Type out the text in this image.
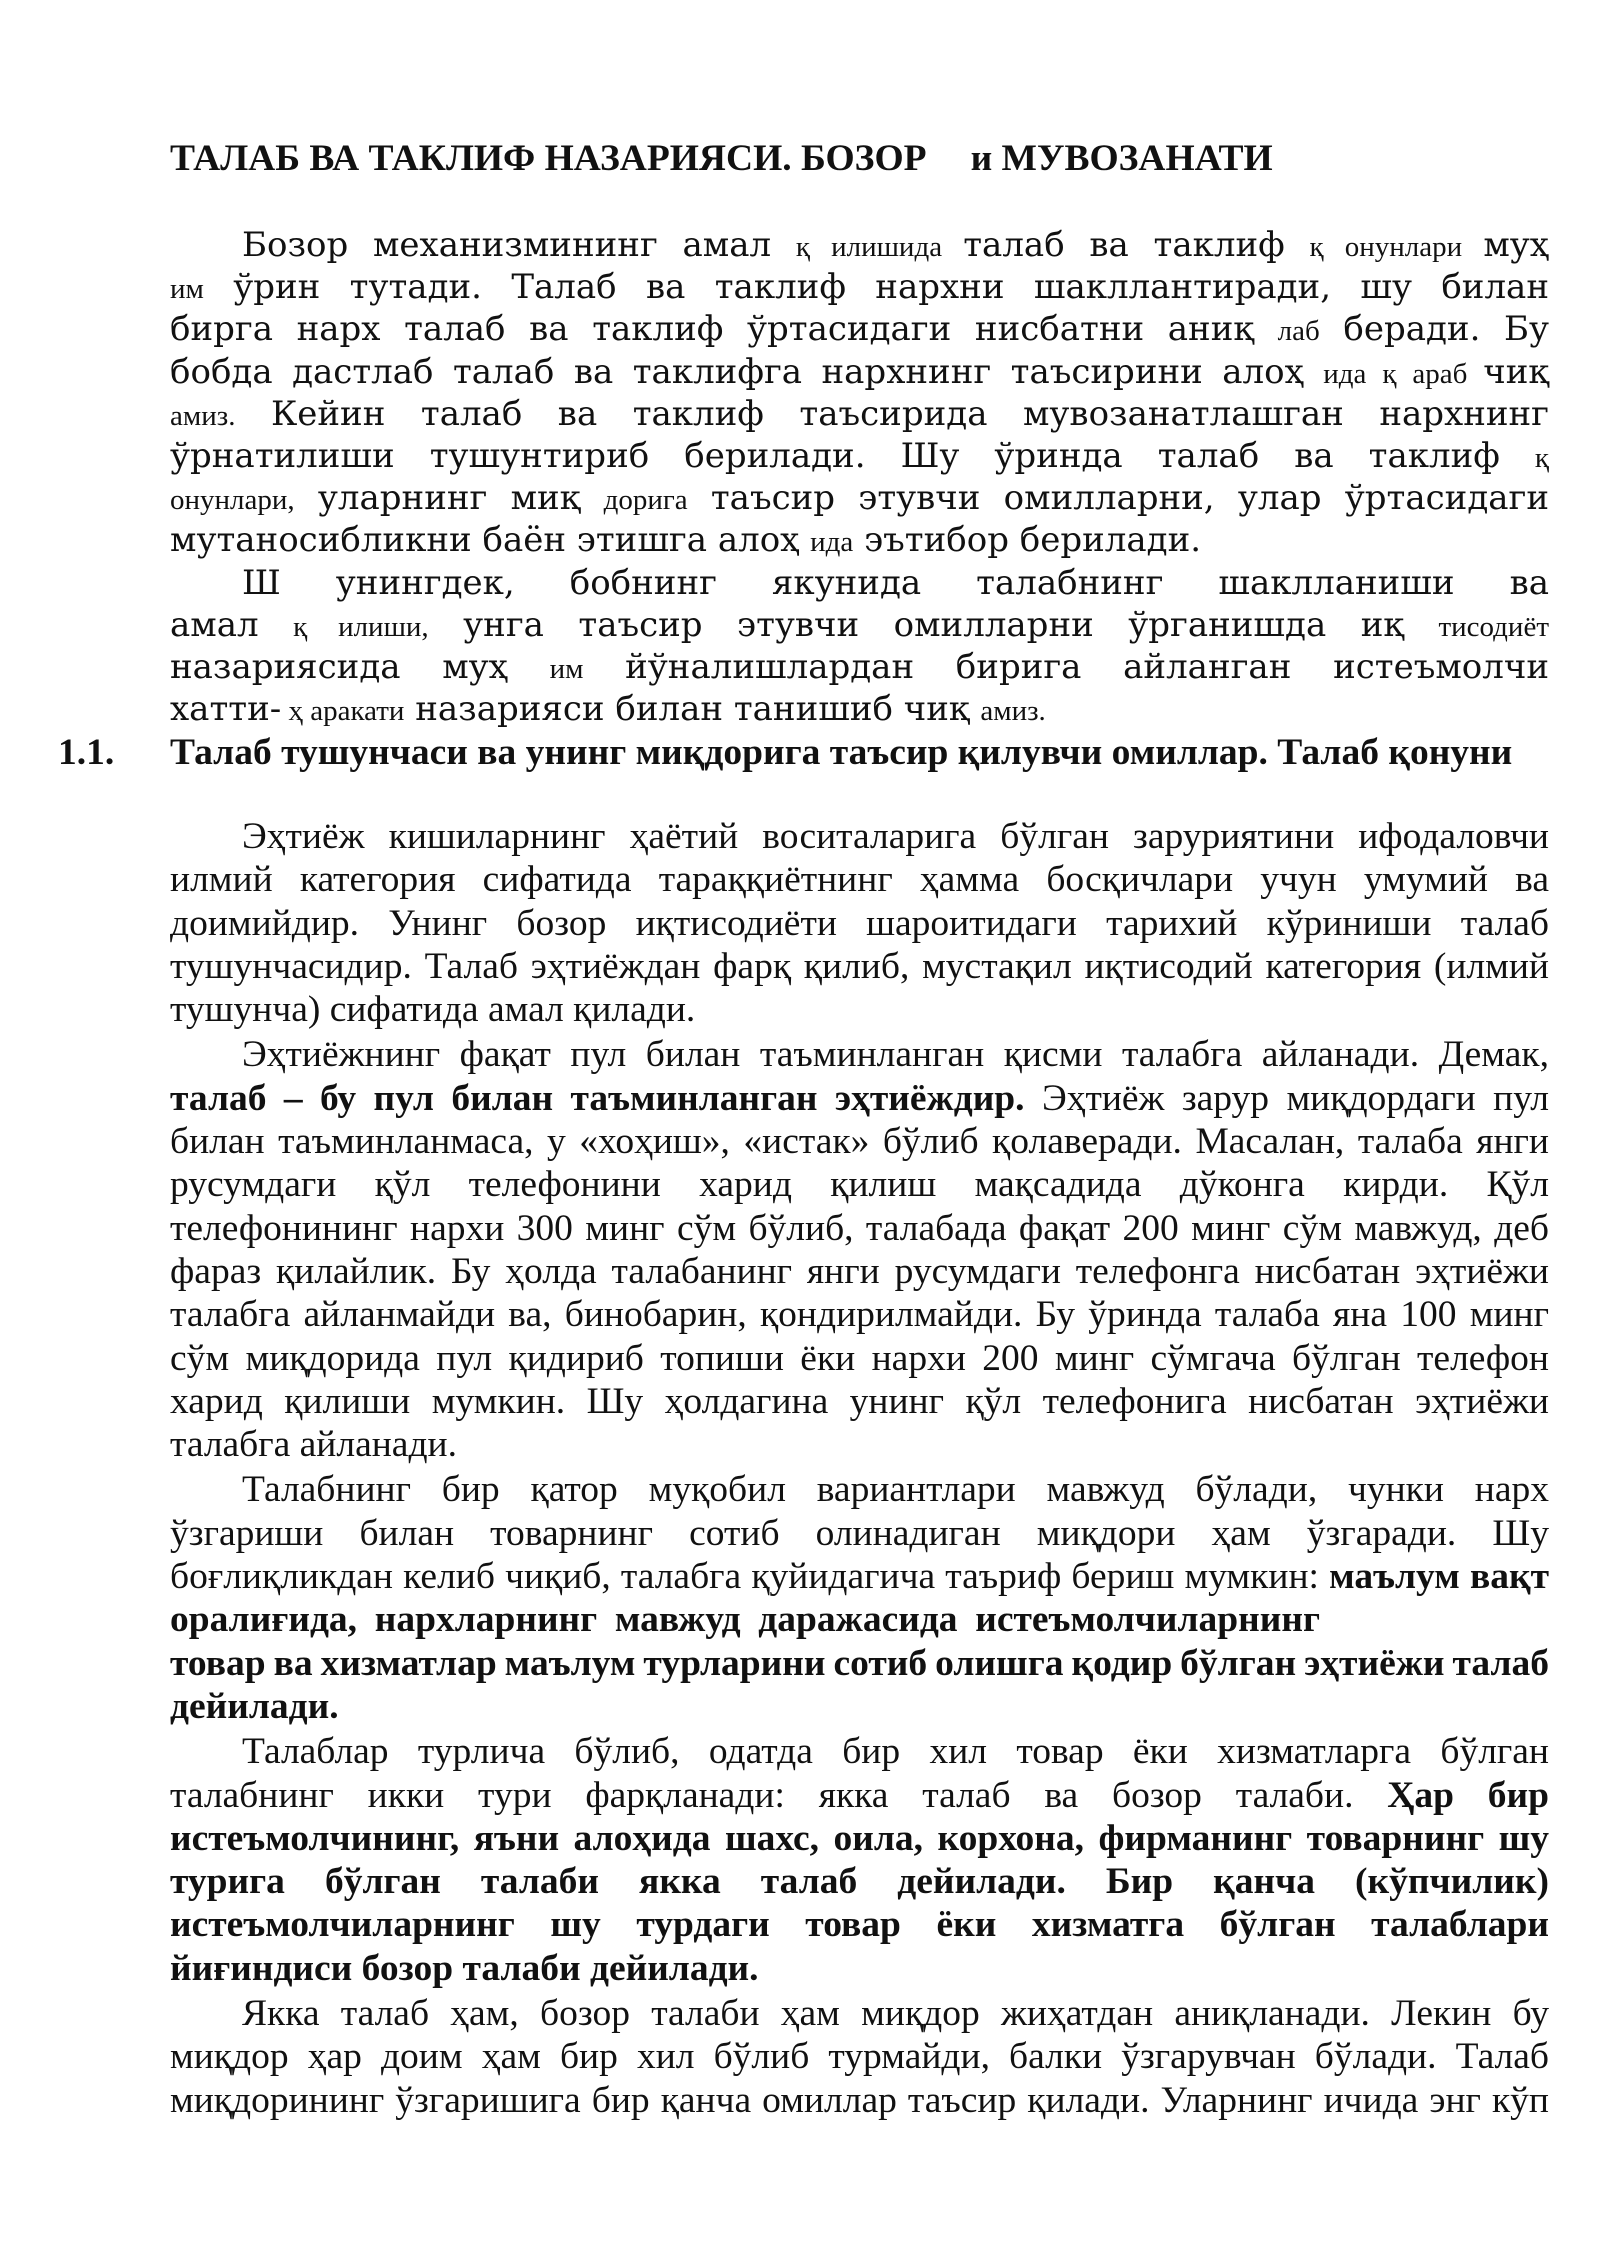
ТАЛАБ ВА ТАКЛИФ НАЗАРИЯСИ. БОЗОР и МУВОЗАНАТИ
Бозор механизмининг амал қ илишида талаб ва таклиф қ онунлари муҳ
им ўрин тутади. Талаб ва таклиф нархни шакллантиради, шу билан
бирга нарх талаб ва таклиф ўртасидаги нисбатни аниқ лаб беради. Бу
бобда дастлаб талаб ва таклифга нархнинг таъсирини алоҳ ида қ араб чиқ
амиз. Кейин талаб ва таклиф таъсирида мувозанатлашган нархнинг
ўрнатилиши тушунтириб берилади. Шу ўринда талаб ва таклиф қ
онунлари, уларнинг миқ дорига таъсир этувчи омилларни, улар ўртасидаги
мутаносибликни баён этишга алоҳ ида эътибор берилади.
Ш унингдек, бобнинг якунида талабнинг шаклланиши ва
амал қ илиши, унга таъсир этувчи омилларни ўрганишда иқ тисодиёт
назариясида муҳ им йўналишлардан бирига айланган истеъмолчи
хатти- ҳ аракати назарияси билан танишиб чиқ амиз.
1.1. Талаб тушунчаси ва унинг миқдорига таъсир қилувчи омиллар. Талаб қонуни
Эҳтиёж кишиларнинг ҳаётий воситаларига бўлган заруриятини ифодаловчи
илмий категория сифатида тараққиётнинг ҳамма босқичлари учун умумий ва
доимийдир. Унинг бозор иқтисодиёти шароитидаги тарихий кўриниши талаб
тушунчасидир. Талаб эҳтиёждан фарқ қилиб, мустақил иқтисодий категория (илмий
тушунча) сифатида амал қилади.
Эҳтиёжнинг фақат пул билан таъминланган қисми талабга айланади. Демак,
талаб – бу пул билан таъминланган эҳтиёждир. Эҳтиёж зарур миқдордаги пул
билан таъминланмаса, у «хоҳиш», «истак» бўлиб қолаверади. Масалан, талаба янги
русумдаги қўл телефонини харид қилиш мақсадида дўконга кирди. Қўл
телефонининг нархи 300 минг сўм бўлиб, талабада фақат 200 минг сўм мавжуд, деб
фараз қилайлик. Бу ҳолда талабанинг янги русумдаги телефонга нисбатан эҳтиёжи
талабга айланмайди ва, бинобарин, қондирилмайди. Бу ўринда талаба яна 100 минг
сўм миқдорида пул қидириб топиши ёки нархи 200 минг сўмгача бўлган телефон
харид қилиши мумкин. Шу ҳолдагина унинг қўл телефонига нисбатан эҳтиёжи
талабга айланади.
Талабнинг бир қатор муқобил вариантлари мавжуд бўлади, чунки нарх
ўзгариши билан товарнинг сотиб олинадиган миқдори ҳам ўзгаради. Шу
боғлиқликдан келиб чиқиб, талабга қуйидагича таъриф бериш мумкин: маълум вақт
оралиғида, нархларнинг мавжуд даражасида истеъмолчиларнинг
товар ва хизматлар маълум турларини сотиб олишга қодир бўлган эҳтиёжи талаб
дейилади.
Талаблар турлича бўлиб, одатда бир хил товар ёки хизматларга бўлган
талабнинг икки тури фарқланади: якка талаб ва бозор талаби. Ҳар бир
истеъмолчининг, яъни алоҳида шахс, оила, корхона, фирманинг товарнинг шу
турига бўлган талаби якка талаб дейилади. Бир қанча (кўпчилик)
истеъмолчиларнинг шу турдаги товар ёки хизматга бўлган талаблари
йиғиндиси бозор талаби дейилади.
Якка талаб ҳам, бозор талаби ҳам миқдор жиҳатдан аниқланади. Лекин бу
миқдор ҳар доим ҳам бир хил бўлиб турмайди, балки ўзгарувчан бўлади. Талаб
миқдорининг ўзгаришига бир қанча омиллар таъсир қилади. Уларнинг ичида энг кўп
